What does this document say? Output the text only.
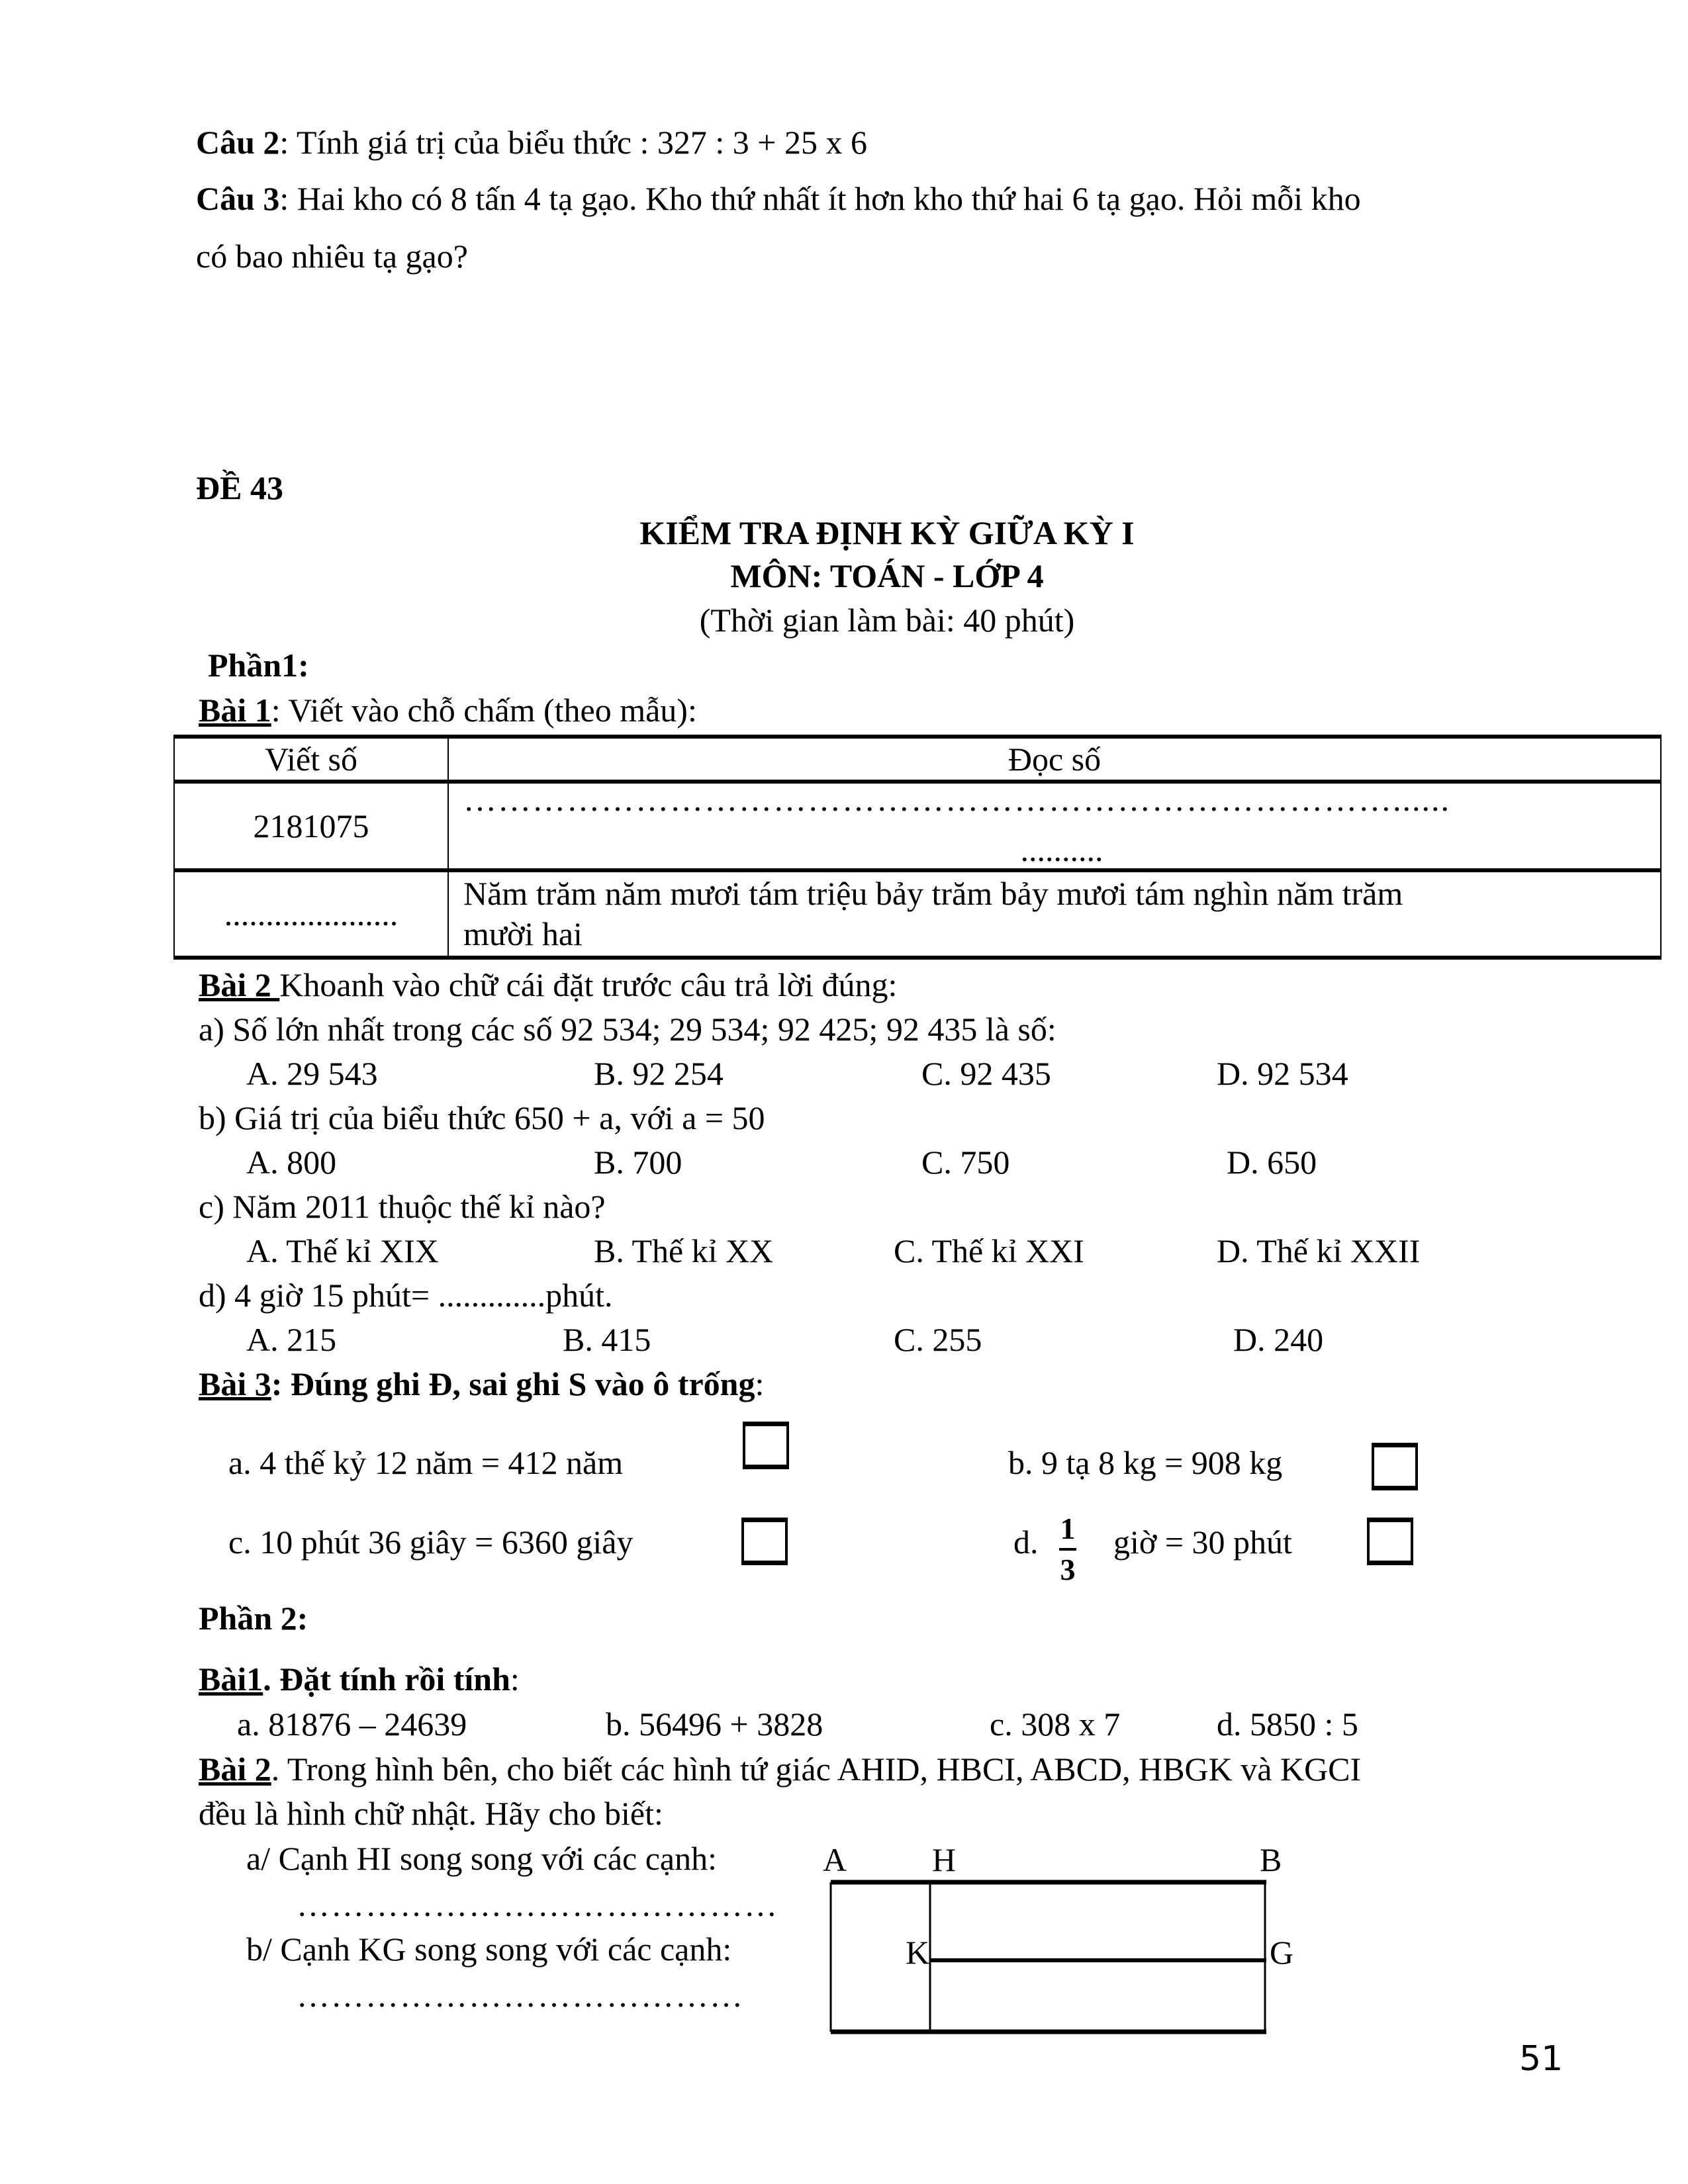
Câu 2: Tính giá trị của biểu thức : 327 : 3 + 25 x 6
Câu 3: Hai kho có 8 tấn 4 tạ gạo. Kho thứ nhất ít hơn kho thứ hai 6 tạ gạo. Hỏi mỗi kho
có bao nhiêu tạ gạo?
ĐỀ 43
KIỂM TRA ĐỊNH KỲ GIỮA KỲ I
MÔN: TOÁN - LỚP 4
(Thời gian làm bài: 40 phút)
Phần1:
Bài 1: Viết vào chỗ chấm (theo mẫu):
Viết số	Đọc số
2181075	………………………………………………………………………......
..........

.....................	Năm trăm năm mươi tám triệu bảy trăm bảy mươi tám nghìn năm trăm
mười hai
Bài 2 Khoanh vào chữ cái đặt trước câu trả lời đúng:
a) Số lớn nhất trong các số 92 534; 29 534; 92 425; 92 435 là số:
A. 29 543	B. 92 254	C. 92 435	D. 92 534
b) Giá trị của biểu thức 650 + a, với a = 50
A. 800	B. 700	C. 750	D. 650
c) Năm 2011 thuộc thế kỉ nào?
A. Thế kỉ XIX	B. Thế kỉ XX	C. Thế kỉ XXI	D. Thế kỉ XXII
d) 4 giờ 15 phút= .............phút.
A. 215	B. 415	C. 255	D. 240
Bài 3: Đúng ghi Đ, sai ghi S vào ô trống:
a. 4 thế kỷ 12 năm = 412 năm	b. 9 tạ 8 kg = 908 kg
c. 10 phút 36 giây = 6360 giây	d. 1
3
giờ = 30 phút
Phần 2:
Bài1. Đặt tính rồi tính:
a. 81876 – 24639	b. 56496 + 3828	c. 308 x 7	d. 5850 : 5
Bài 2. Trong hình bên, cho biết các hình tứ giác AHID, HBCI, ABCD, HBGK và KGCI
đều là hình chữ nhật. Hãy cho biết:
a/ Cạnh HI song song với các cạnh:
……………………………………
b/ Cạnh KG song song với các cạnh:
…………………………………
A	H	B
K	G
51
